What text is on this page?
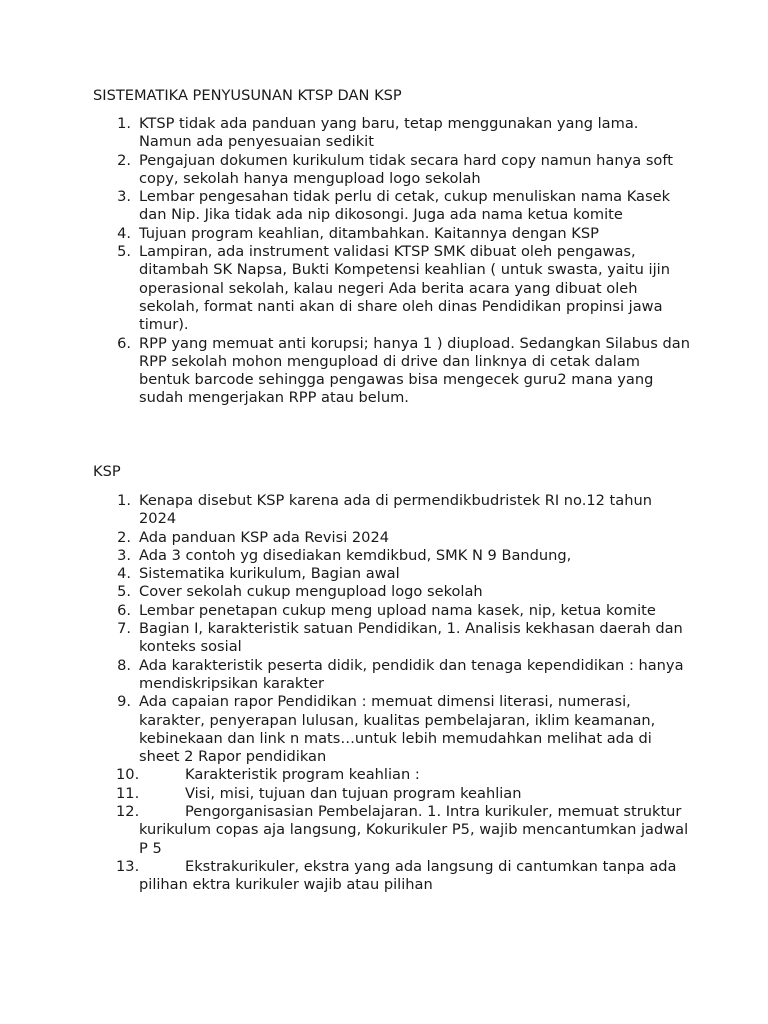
SISTEMATIKA PENYUSUNAN KTSP DAN KSP

1. KTSP tidak ada panduan yang baru, tetap menggunakan yang lama. Namun ada penyesuaian sedikit
2. Pengajuan dokumen kurikulum tidak secara hard copy namun hanya soft copy, sekolah hanya mengupload logo sekolah
3. Lembar pengesahan tidak perlu di cetak, cukup menuliskan nama Kasek dan Nip. Jika tidak ada nip dikosongi. Juga ada nama ketua komite
4. Tujuan program keahlian, ditambahkan. Kaitannya dengan KSP
5. Lampiran, ada instrument validasi KTSP SMK dibuat oleh pengawas, ditambah SK Napsa, Bukti Kompetensi keahlian ( untuk swasta, yaitu ijin operasional sekolah, kalau negeri Ada berita acara yang dibuat oleh sekolah, format nanti akan di share oleh dinas Pendidikan propinsi jawa timur).
6. RPP yang memuat anti korupsi; hanya 1 ) diupload. Sedangkan Silabus dan RPP sekolah mohon mengupload di drive dan linknya di cetak dalam bentuk barcode sehingga pengawas bisa mengecek guru2 mana yang sudah mengerjakan RPP atau belum.

KSP

1. Kenapa disebut KSP karena ada di permendikbudristek RI no.12 tahun 2024
2. Ada panduan KSP ada Revisi 2024
3. Ada 3 contoh yg disediakan kemdikbud, SMK N 9 Bandung,
4. Sistematika kurikulum, Bagian awal
5. Cover sekolah cukup mengupload logo sekolah
6. Lembar penetapan cukup meng upload nama kasek, nip, ketua komite
7. Bagian I, karakteristik satuan Pendidikan, 1. Analisis kekhasan daerah dan konteks sosial
8. Ada karakteristik peserta didik, pendidik dan tenaga kependidikan : hanya mendiskripsikan karakter
9. Ada capaian rapor Pendidikan : memuat dimensi literasi, numerasi, karakter, penyerapan lulusan, kualitas pembelajaran, iklim keamanan, kebinekaan dan link n mats…untuk lebih memudahkan melihat ada di sheet 2 Rapor pendidikan
10.	Karakteristik program keahlian :
11.	Visi, misi, tujuan dan tujuan program keahlian
12.	Pengorganisasian Pembelajaran. 1. Intra kurikuler, memuat struktur kurikulum copas aja langsung, Kokurikuler P5, wajib mencantumkan jadwal P 5
13.	Ekstrakurikuler, ekstra yang ada langsung di cantumkan tanpa ada pilihan ektra kurikuler wajib atau pilihan
